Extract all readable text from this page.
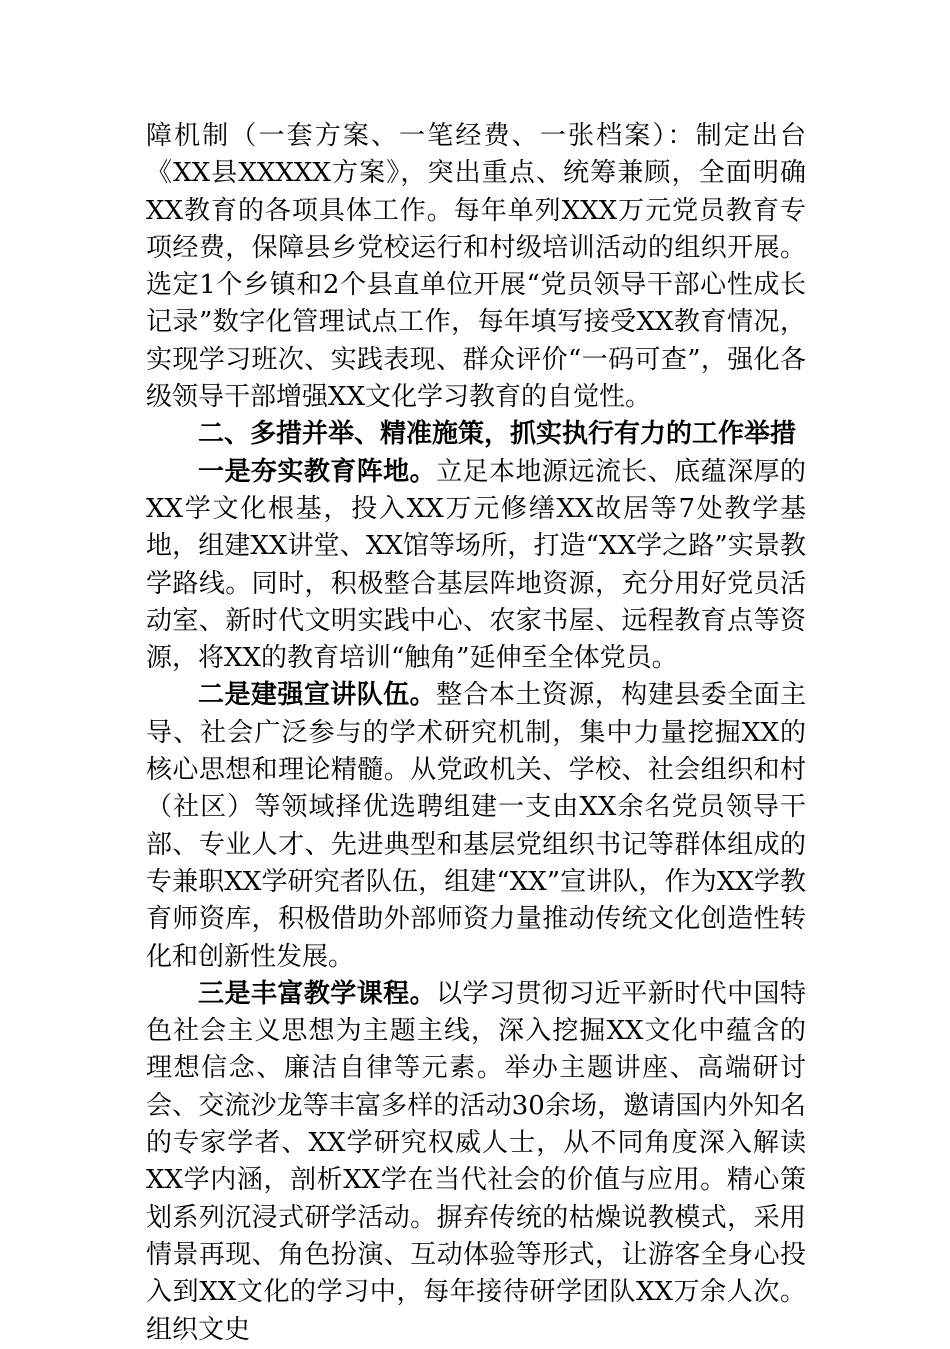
障机制（一套方案、一笔经费、一张档案）：制定出台《XX县XXXXX方案》，突出重点、统筹兼顾，全面明确XX教育的各项具体工作。每年单列XXX万元党员教育专项经费，保障县乡党校运行和村级培训活动的组织开展。选定1个乡镇和2个县直单位开展“党员领导干部心性成长记录”数字化管理试点工作，每年填写接受XX教育情况，实现学习班次、实践表现、群众评价“一码可查”，强化各级领导干部增强XX文化学习教育的自觉性。

二、多措并举、精准施策，抓实执行有力的工作举措

一是夯实教育阵地。立足本地源远流长、底蕴深厚的XX学文化根基，投入XX万元修缮XX故居等7处教学基地，组建XX讲堂、XX馆等场所，打造“XX学之路”实景教学路线。同时，积极整合基层阵地资源，充分用好党员活动室、新时代文明实践中心、农家书屋、远程教育点等资源，将XX的教育培训“触角”延伸至全体党员。

二是建强宣讲队伍。整合本土资源，构建县委全面主导、社会广泛参与的学术研究机制，集中力量挖掘XX的核心思想和理论精髓。从党政机关、学校、社会组织和村（社区）等领域择优选聘组建一支由XX余名党员领导干部、专业人才、先进典型和基层党组织书记等群体组成的专兼职XX学研究者队伍，组建“XX”宣讲队，作为XX学教育师资库，积极借助外部师资力量推动传统文化创造性转化和创新性发展。

三是丰富教学课程。以学习贯彻习近平新时代中国特色社会主义思想为主题主线，深入挖掘XX文化中蕴含的理想信念、廉洁自律等元素。举办主题讲座、高端研讨会、交流沙龙等丰富多样的活动30余场，邀请国内外知名的专家学者、XX学研究权威人士，从不同角度深入解读XX学内涵，剖析XX学在当代社会的价值与应用。精心策划系列沉浸式研学活动。摒弃传统的枯燥说教模式，采用情景再现、角色扮演、互动体验等形式，让游客全身心投入到XX文化的学习中，每年接待研学团队XX万余人次。组织文史
